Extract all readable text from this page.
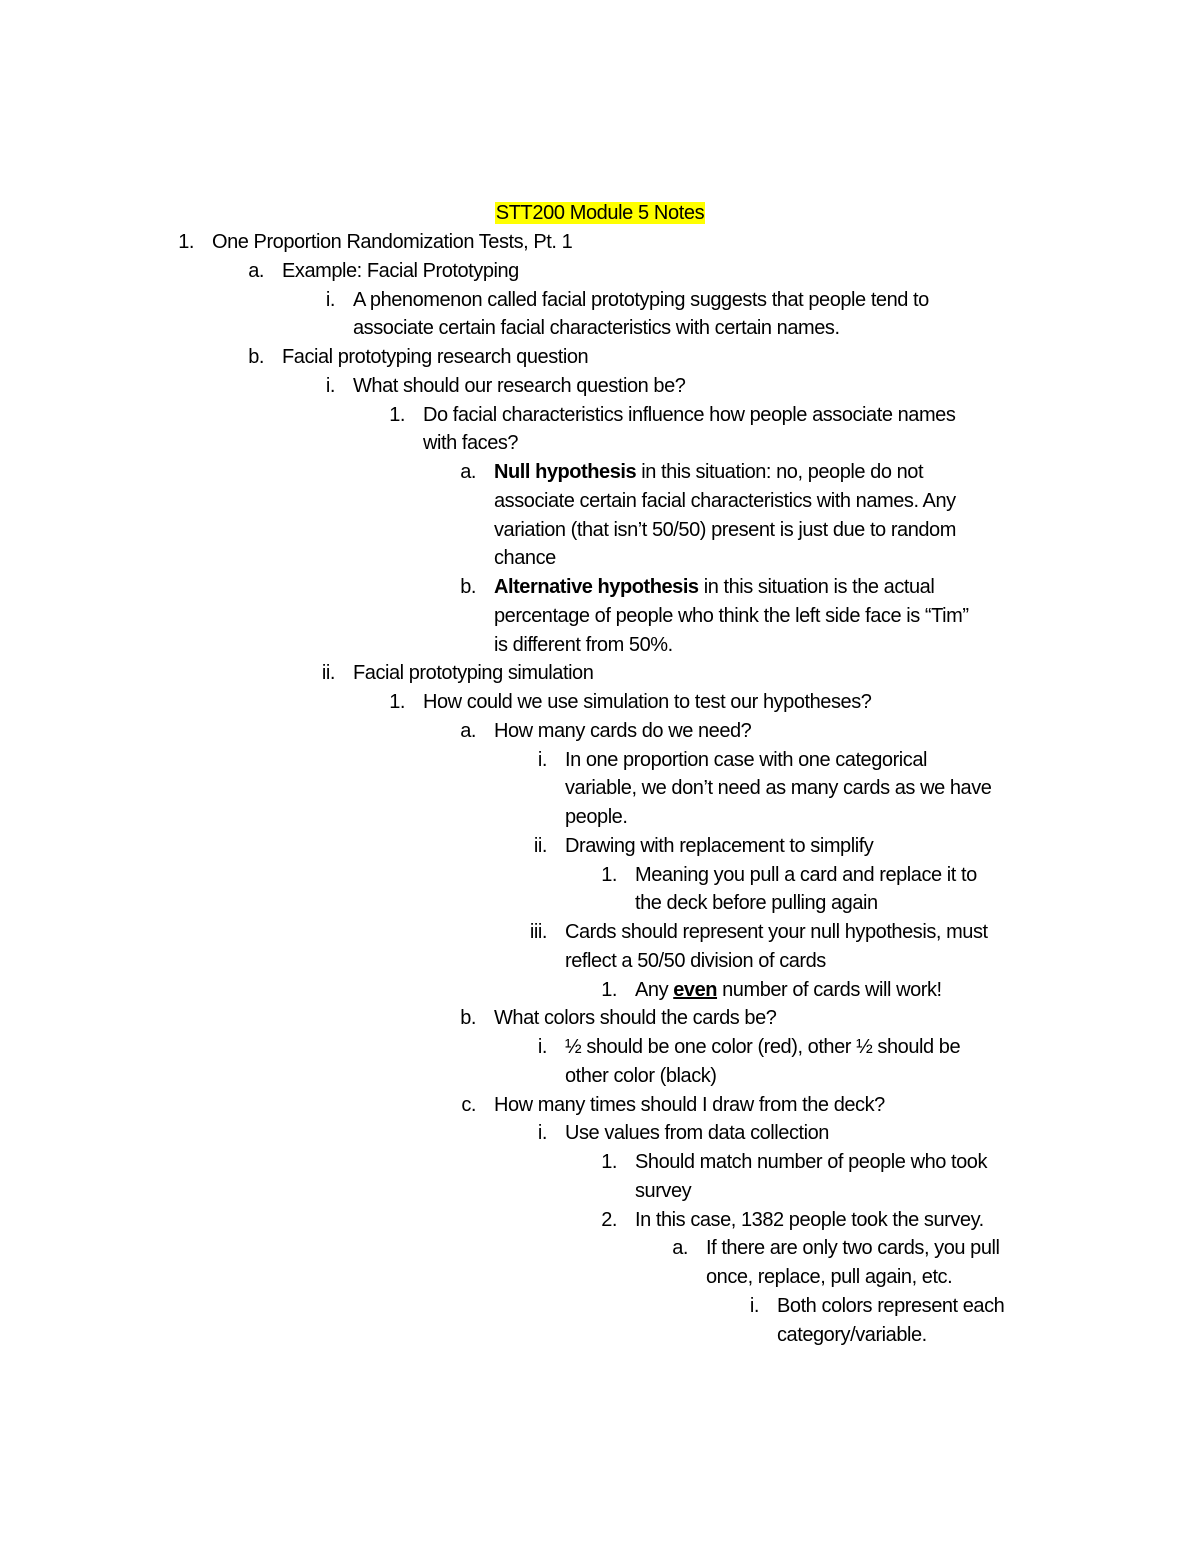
STT200 Module 5 Notes
1. One Proportion Randomization Tests, Pt. 1
a. Example: Facial Prototyping
i. A phenomenon called facial prototyping suggests that people tend to
associate certain facial characteristics with certain names.
b. Facial prototyping research question
i. What should our research question be?
1. Do facial characteristics influence how people associate names
with faces?
a. Null hypothesis in this situation: no, people do not
associate certain facial characteristics with names. Any
variation (that isn’t 50/50) present is just due to random
chance
b. Alternative hypothesis in this situation is the actual
percentage of people who think the left side face is “Tim”
is different from 50%.
ii. Facial prototyping simulation
1. How could we use simulation to test our hypotheses?
a. How many cards do we need?
i. In one proportion case with one categorical
variable, we don’t need as many cards as we have
people.
ii. Drawing with replacement to simplify
1. Meaning you pull a card and replace it to
the deck before pulling again
iii. Cards should represent your null hypothesis, must
reflect a 50/50 division of cards
1. Any even number of cards will work!
b. What colors should the cards be?
i. ½ should be one color (red), other ½ should be
other color (black)
c. How many times should I draw from the deck?
i. Use values from data collection
1. Should match number of people who took
survey
2. In this case, 1382 people took the survey.
a. If there are only two cards, you pull
once, replace, pull again, etc.
i. Both colors represent each
category/variable.
